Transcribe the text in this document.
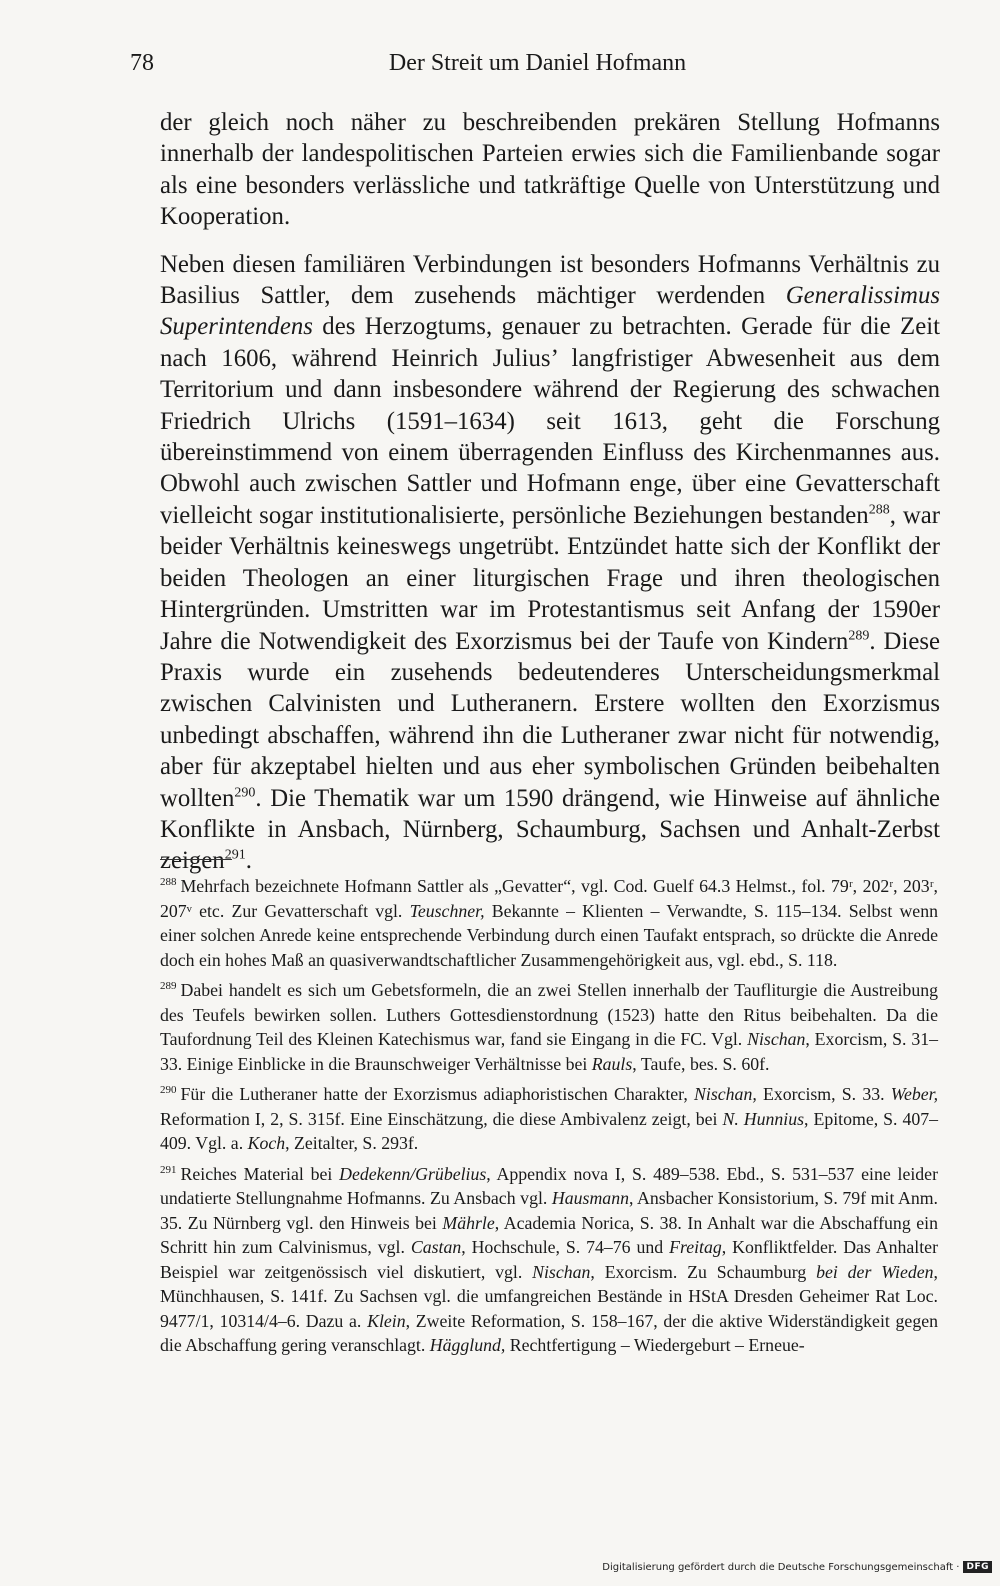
78	Der Streit um Daniel Hofmann

der gleich noch näher zu beschreibenden prekären Stellung Hofmanns innerhalb der landespolitischen Parteien erwies sich die Familienbande sogar als eine besonders verlässliche und tatkräftige Quelle von Unterstützung und Kooperation.

Neben diesen familiären Verbindungen ist besonders Hofmanns Verhältnis zu Basilius Sattler, dem zusehends mächtiger werdenden Generalissimus Superintendens des Herzogtums, genauer zu betrachten. Gerade für die Zeit nach 1606, während Heinrich Julius’ langfristiger Abwesenheit aus dem Territorium und dann insbesondere während der Regierung des schwachen Friedrich Ulrichs (1591–1634) seit 1613, geht die Forschung übereinstimmend von einem überragenden Einfluss des Kirchenmannes aus. Obwohl auch zwischen Sattler und Hofmann enge, über eine Gevatterschaft vielleicht sogar institutionalisierte, persönliche Beziehungen bestanden$^{288}$, war beider Verhältnis keineswegs ungetrübt. Entzündet hatte sich der Konflikt der beiden Theologen an einer liturgischen Frage und ihren theologischen Hintergründen. Umstritten war im Protestantismus seit Anfang der 1590er Jahre die Notwendigkeit des Exorzismus bei der Taufe von Kindern$^{289}$. Diese Praxis wurde ein zusehends bedeutenderes Unterscheidungsmerkmal zwischen Calvinisten und Lutheranern. Erstere wollten den Exorzismus unbedingt abschaffen, während ihn die Lutheraner zwar nicht für notwendig, aber für akzeptabel hielten und aus eher symbolischen Gründen beibehalten wollten$^{290}$. Die Thematik war um 1590 drängend, wie Hinweise auf ähnliche Konflikte in Ansbach, Nürnberg, Schaumburg, Sachsen und Anhalt-Zerbst zeigen$^{291}$.

$^{288}$ Mehrfach bezeichnete Hofmann Sattler als „Gevatter“, vgl. Cod. Guelf 64.3 Helmst., fol. 79ʳ, 202ʳ, 203ʳ, 207ᵛ etc. Zur Gevatterschaft vgl. Teuschner, Bekannte – Klienten – Verwandte, S. 115–134. Selbst wenn einer solchen Anrede keine entsprechende Verbindung durch einen Taufakt entsprach, so drückte die Anrede doch ein hohes Maß an quasiverwandtschaftlicher Zusammengehörigkeit aus, vgl. ebd., S. 118.

$^{289}$ Dabei handelt es sich um Gebetsformeln, die an zwei Stellen innerhalb der Taufliturgie die Austreibung des Teufels bewirken sollen. Luthers Gottesdienstordnung (1523) hatte den Ritus beibehalten. Da die Taufordnung Teil des Kleinen Katechismus war, fand sie Eingang in die FC. Vgl. Nischan, Exorcism, S. 31–33. Einige Einblicke in die Braunschweiger Verhältnisse bei Rauls, Taufe, bes. S. 60f.

$^{290}$ Für die Lutheraner hatte der Exorzismus adiaphoristischen Charakter, Nischan, Exorcism, S. 33. Weber, Reformation I, 2, S. 315f. Eine Einschätzung, die diese Ambivalenz zeigt, bei N. Hunnius, Epitome, S. 407–409. Vgl. a. Koch, Zeitalter, S. 293f.

$^{291}$ Reiches Material bei Dedekenn/Grübelius, Appendix nova I, S. 489–538. Ebd., S. 531–537 eine leider undatierte Stellungnahme Hofmanns. Zu Ansbach vgl. Hausmann, Ansbacher Konsistorium, S. 79f mit Anm. 35. Zu Nürnberg vgl. den Hinweis bei Mährle, Academia Norica, S. 38. In Anhalt war die Abschaffung ein Schritt hin zum Calvinismus, vgl. Castan, Hochschule, S. 74–76 und Freitag, Konfliktfelder. Das Anhalter Beispiel war zeitgenössisch viel diskutiert, vgl. Nischan, Exorcism. Zu Schaumburg bei der Wieden, Münchhausen, S. 141f. Zu Sachsen vgl. die umfangreichen Bestände in HStA Dresden Geheimer Rat Loc. 9477/1, 10314/4–6. Dazu a. Klein, Zweite Reformation, S. 158–167, der die aktive Widerständigkeit gegen die Abschaffung gering veranschlagt. Hägglund, Rechtfertigung – Wiedergeburt – Erneue-

Digitalisierung gefördert durch die Deutsche Forschungsgemeinschaft · DFG
